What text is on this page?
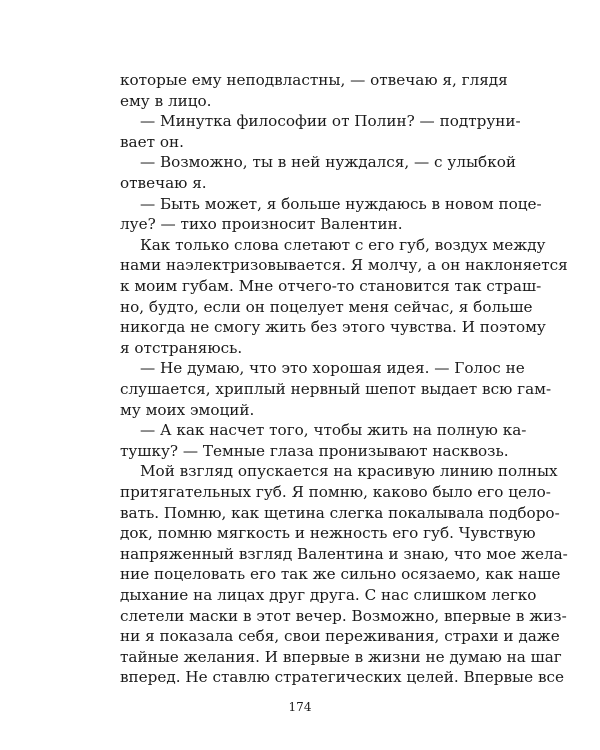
которые ему неподвластны, — отвечаю я, глядя
ему в лицо.
— Минутка философии от Полин? — подтруни-
вает он.
— Возможно, ты в ней нуждался, — с улыбкой
отвечаю я.
— Быть может, я больше нуждаюсь в новом поце-
луе? — тихо произносит Валентин.
Как только слова слетают с его губ, воздух между
нами наэлектризовывается. Я молчу, а он наклоняется
к моим губам. Мне отчего-то становится так страш-
но, будто, если он поцелует меня сейчас, я больше
никогда не смогу жить без этого чувства. И поэтому
я отстраняюсь.
— Не думаю, что это хорошая идея. — Голос не
слушается, хриплый нервный шепот выдает всю гам-
му моих эмоций.
— А как насчет того, чтобы жить на полную ка-
тушку? — Темные глаза пронизывают насквозь.
Мой взгляд опускается на красивую линию полных
притягательных губ. Я помню, каково было его цело-
вать. Помню, как щетина слегка покалывала подборо-
док, помню мягкость и нежность его губ. Чувствую
напряженный взгляд Валентина и знаю, что мое жела-
ние поцеловать его так же сильно осязаемо, как наше
дыхание на лицах друг друга. С нас слишком легко
слетели маски в этот вечер. Возможно, впервые в жиз-
ни я показала себя, свои переживания, страхи и даже
тайные желания. И впервые в жизни не думаю на шаг
вперед. Не ставлю стратегических целей. Впервые все
174
